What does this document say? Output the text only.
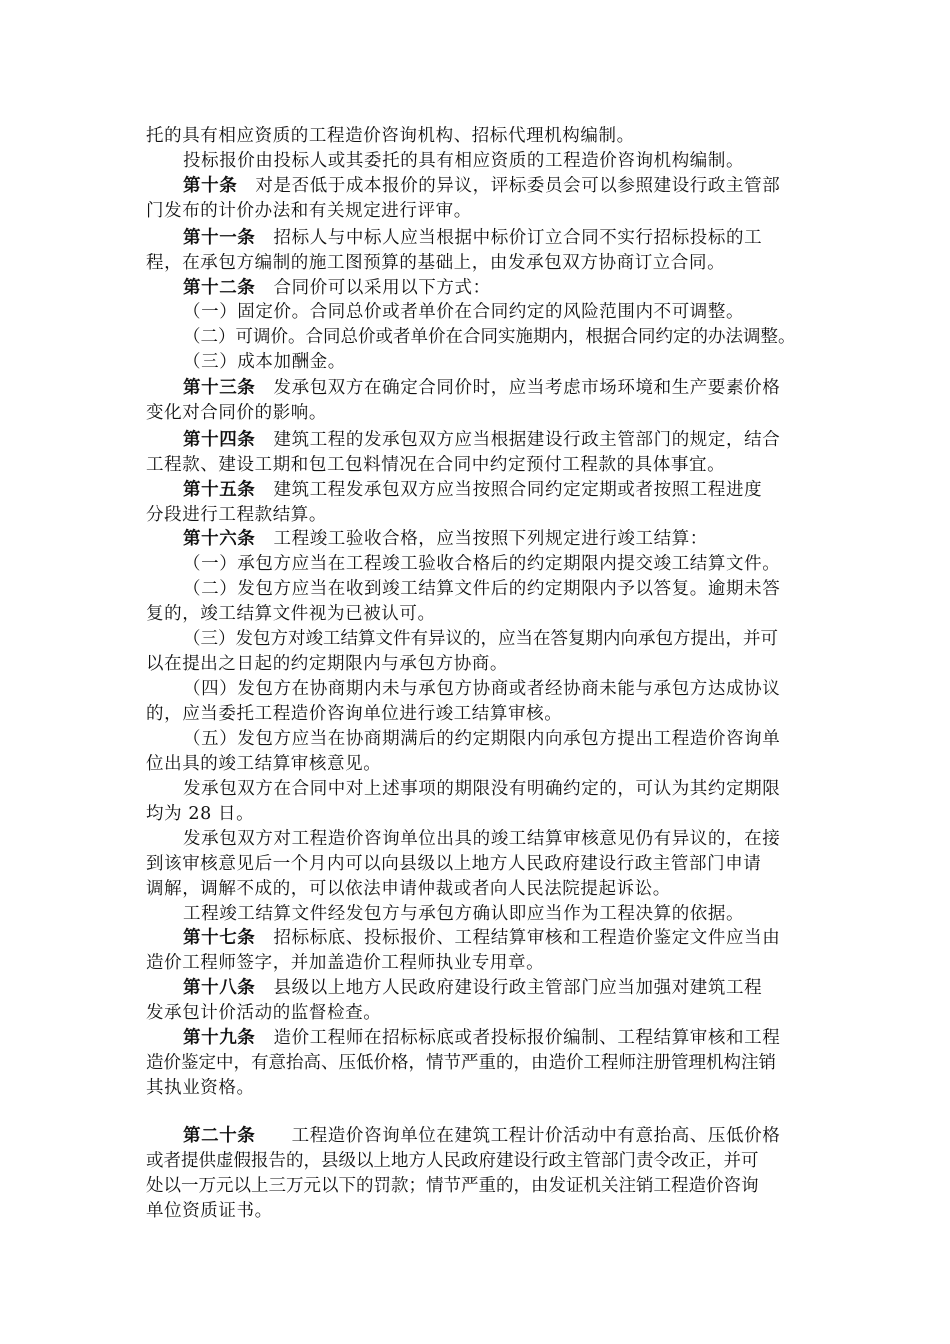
托的具有相应资质的工程造价咨询机构、招标代理机构编制。
投标报价由投标人或其委托的具有相应资质的工程造价咨询机构编制。
第十条　对是否低于成本报价的异议，评标委员会可以参照建设行政主管部
门发布的计价办法和有关规定进行评审。
第十一条　招标人与中标人应当根据中标价订立合同不实行招标投标的工
程，在承包方编制的施工图预算的基础上，由发承包双方协商订立合同。
第十二条　合同价可以采用以下方式：
（一）固定价。合同总价或者单价在合同约定的风险范围内不可调整。
（二）可调价。合同总价或者单价在合同实施期内，根据合同约定的办法调整。
（三）成本加酬金。
第十三条　发承包双方在确定合同价时，应当考虑市场环境和生产要素价格
变化对合同价的影响。
第十四条　建筑工程的发承包双方应当根据建设行政主管部门的规定，结合
工程款、建设工期和包工包料情况在合同中约定预付工程款的具体事宜。
第十五条　建筑工程发承包双方应当按照合同约定定期或者按照工程进度
分段进行工程款结算。
第十六条　工程竣工验收合格，应当按照下列规定进行竣工结算：
（一）承包方应当在工程竣工验收合格后的约定期限内提交竣工结算文件。
（二）发包方应当在收到竣工结算文件后的约定期限内予以答复。逾期未答
复的，竣工结算文件视为已被认可。
（三）发包方对竣工结算文件有异议的，应当在答复期内向承包方提出，并可
以在提出之日起的约定期限内与承包方协商。
（四）发包方在协商期内未与承包方协商或者经协商未能与承包方达成协议
的，应当委托工程造价咨询单位进行竣工结算审核。
（五）发包方应当在协商期满后的约定期限内向承包方提出工程造价咨询单
位出具的竣工结算审核意见。
发承包双方在合同中对上述事项的期限没有明确约定的，可认为其约定期限
均为 28 日。
发承包双方对工程造价咨询单位出具的竣工结算审核意见仍有异议的，在接
到该审核意见后一个月内可以向县级以上地方人民政府建设行政主管部门申请
调解，调解不成的，可以依法申请仲裁或者向人民法院提起诉讼。
工程竣工结算文件经发包方与承包方确认即应当作为工程决算的依据。
第十七条　招标标底、投标报价、工程结算审核和工程造价鉴定文件应当由
造价工程师签字，并加盖造价工程师执业专用章。
第十八条　县级以上地方人民政府建设行政主管部门应当加强对建筑工程
发承包计价活动的监督检查。
第十九条　造价工程师在招标标底或者投标报价编制、工程结算审核和工程
造价鉴定中，有意抬高、压低价格，情节严重的，由造价工程师注册管理机构注销
其执业资格。
第二十条　　工程造价咨询单位在建筑工程计价活动中有意抬高、压低价格
或者提供虚假报告的，县级以上地方人民政府建设行政主管部门责令改正，并可
处以一万元以上三万元以下的罚款；情节严重的，由发证机关注销工程造价咨询
单位资质证书。
